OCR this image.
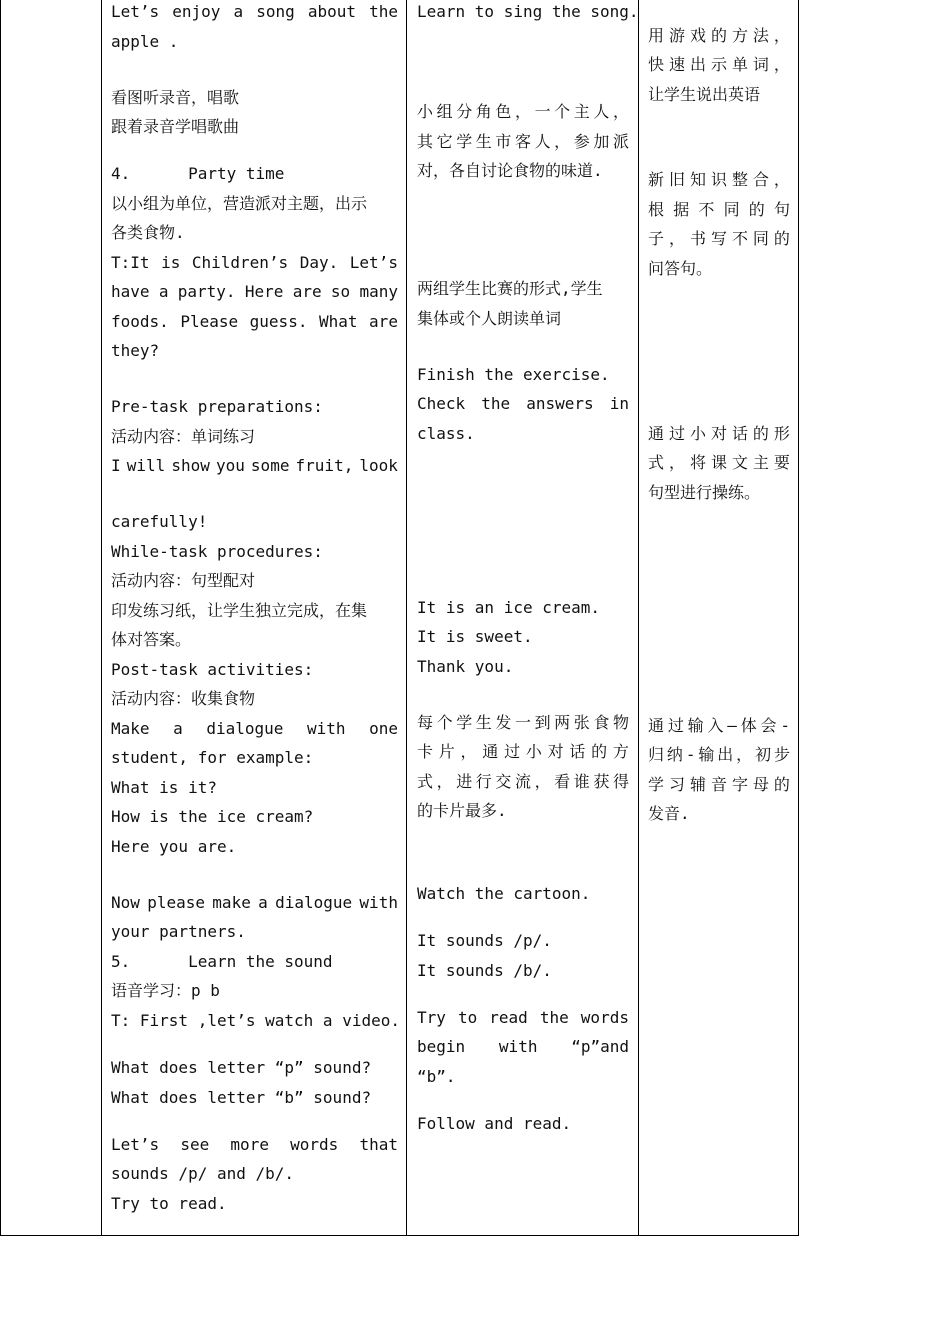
Let’s enjoy a song about the
apple .
看图听录音，唱歌
跟着录音学唱歌曲
4.      Party time
以小组为单位，营造派对主题，出示
各类食物.
T:It is Children’s Day. Let’s
have a party. Here are so many
foods. Please guess. What are
they?
Pre-task preparations:
活动内容：单词练习
I will show you some fruit, look
carefully!
While-task procedures:
活动内容：句型配对
印发练习纸，让学生独立完成，在集
体对答案。
Post-task activities:
活动内容：收集食物
Make a dialogue with one
student, for example:
What is it?
How is the ice cream?
Here you are.
Now please make a dialogue with
your partners.
5.      Learn the sound
语音学习：p b
T: First ,let’s watch a video.
What does letter “p” sound?
What does letter “b” sound?
Let’s see more words that
sounds /p/ and /b/.
Try to read.
Learn to sing the song.
小 组 分 角 色 ， 一 个 主 人 ，
其 它 学 生 市 客 人 ， 参 加 派
对，各自讨论食物的味道.
两组学生比赛的形式,学生
集体或个人朗读单词
Finish the exercise.
Check the answers in
class.
It is an ice cream.
It is sweet.
Thank you.
每 个 学 生 发 一 到 两 张 食 物
卡 片 ， 通 过 小 对 话 的 方
式 ， 进 行 交 流 ， 看 谁 获 得
的卡片最多.
Watch the cartoon.
It sounds /p/.
It sounds /b/.
Try to read the words
begin with “p”and
“b”.
Follow and read.
用 游 戏 的 方 法 ，
快 速 出 示 单 词 ，
让学生说出英语
新 旧 知 识 整 合 ，
根 据 不 同 的 句
子 ， 书 写 不 同 的
问答句。
通 过 小 对 话 的 形
式 ， 将 课 文 主 要
句型进行操练。
通 过 输 入 — 体 会 -
归 纳 - 输 出 ， 初 步
学 习 辅 音 字 母 的
发音.
